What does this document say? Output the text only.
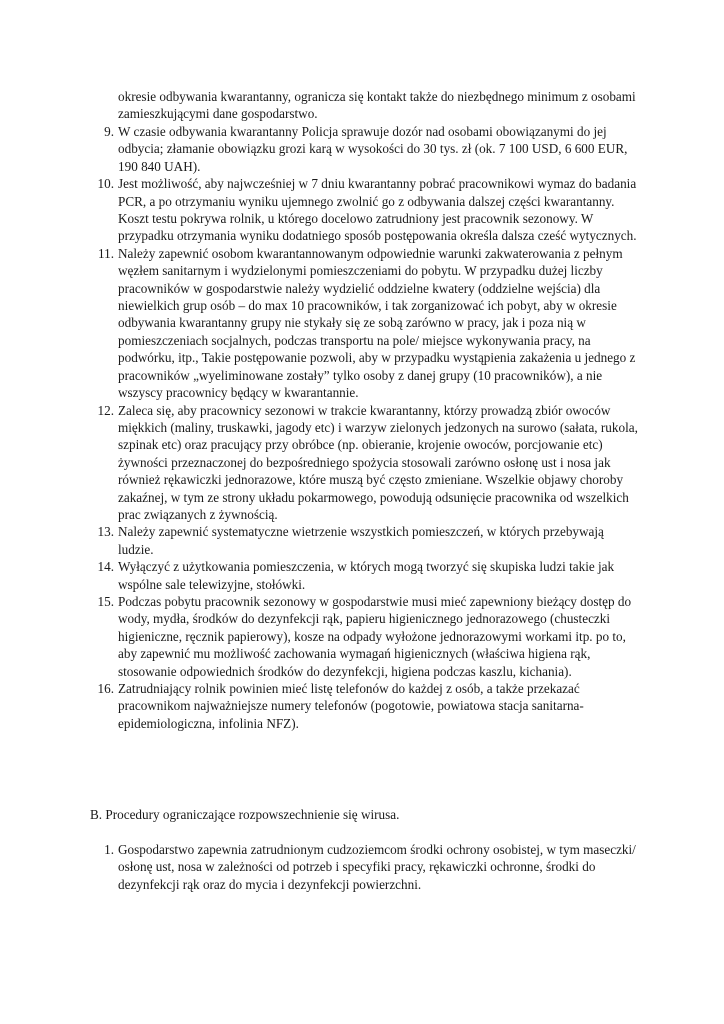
okresie odbywania kwarantanny, ogranicza się kontakt także do niezbędnego minimum z osobami zamieszkującymi dane gospodarstwo.

9. W czasie odbywania kwarantanny Policja sprawuje dozór nad osobami obowiązanymi do jej odbycia; złamanie obowiązku grozi karą w wysokości do 30 tys. zł (ok. 7 100 USD, 6 600 EUR, 190 840 UAH).
10. Jest możliwość, aby najwcześniej w 7 dniu kwarantanny pobrać pracownikowi wymaz do badania PCR, a po otrzymaniu wyniku ujemnego zwolnić go z odbywania dalszej części kwarantanny. Koszt testu pokrywa rolnik, u którego docelowo zatrudniony jest pracownik sezonowy. W przypadku otrzymania wyniku dodatniego sposób postępowania określa dalsza cześć wytycznych.
11. Należy zapewnić osobom kwarantannowanym odpowiednie warunki zakwaterowania z pełnym węzłem sanitarnym i wydzielonymi pomieszczeniami do pobytu. W przypadku dużej liczby pracowników w gospodarstwie należy wydzielić oddzielne kwatery (oddzielne wejścia) dla niewielkich grup osób – do max 10 pracowników, i tak zorganizować ich pobyt, aby w okresie odbywania kwarantanny grupy nie stykały się ze sobą zarówno w pracy, jak i poza nią w pomieszczeniach socjalnych, podczas transportu na pole/ miejsce wykonywania pracy, na podwórku, itp., Takie postępowanie pozwoli, aby w przypadku wystąpienia zakażenia u jednego z pracowników „wyeliminowane zostały” tylko osoby z danej grupy (10 pracowników), a nie wszyscy pracownicy będący w kwarantannie.
12. Zaleca się, aby pracownicy sezonowi w trakcie kwarantanny, którzy prowadzą zbiór owoców miękkich (maliny, truskawki, jagody etc) i warzyw zielonych jedzonych na surowo (sałata, rukola, szpinak etc) oraz pracujący przy obróbce (np. obieranie, krojenie owoców, porcjowanie etc) żywności przeznaczonej do bezpośredniego spożycia stosowali zarówno osłonę ust i nosa jak również rękawiczki jednorazowe, które muszą być często zmieniane. Wszelkie objawy choroby zakaźnej, w tym ze strony układu pokarmowego, powodują odsunięcie pracownika od wszelkich prac związanych z żywnością.
13. Należy zapewnić systematyczne wietrzenie wszystkich pomieszczeń, w których przebywają ludzie.
14. Wyłączyć z użytkowania pomieszczenia, w których mogą tworzyć się skupiska ludzi takie jak wspólne sale telewizyjne, stołówki.
15. Podczas pobytu pracownik sezonowy w gospodarstwie musi mieć zapewniony bieżący dostęp do wody, mydła, środków do dezynfekcji rąk, papieru higienicznego jednorazowego (chusteczki higieniczne, ręcznik papierowy), kosze na odpady wyłożone jednorazowymi workami itp. po to, aby zapewnić mu możliwość zachowania wymagań higienicznych (właściwa higiena rąk, stosowanie odpowiednich środków do dezynfekcji, higiena podczas kaszlu, kichania).
16. Zatrudniający rolnik powinien mieć listę telefonów do każdej z osób, a także przekazać pracownikom najważniejsze numery telefonów (pogotowie, powiatowa stacja sanitarna-epidemiologiczna, infolinia NFZ).

B. Procedury ograniczające rozpowszechnienie się wirusa.

1. Gospodarstwo zapewnia zatrudnionym cudzoziemcom środki ochrony osobistej, w tym maseczki/ osłonę ust, nosa w zależności od potrzeb i specyfiki pracy, rękawiczki ochronne, środki do dezynfekcji rąk oraz do mycia i dezynfekcji powierzchni.
